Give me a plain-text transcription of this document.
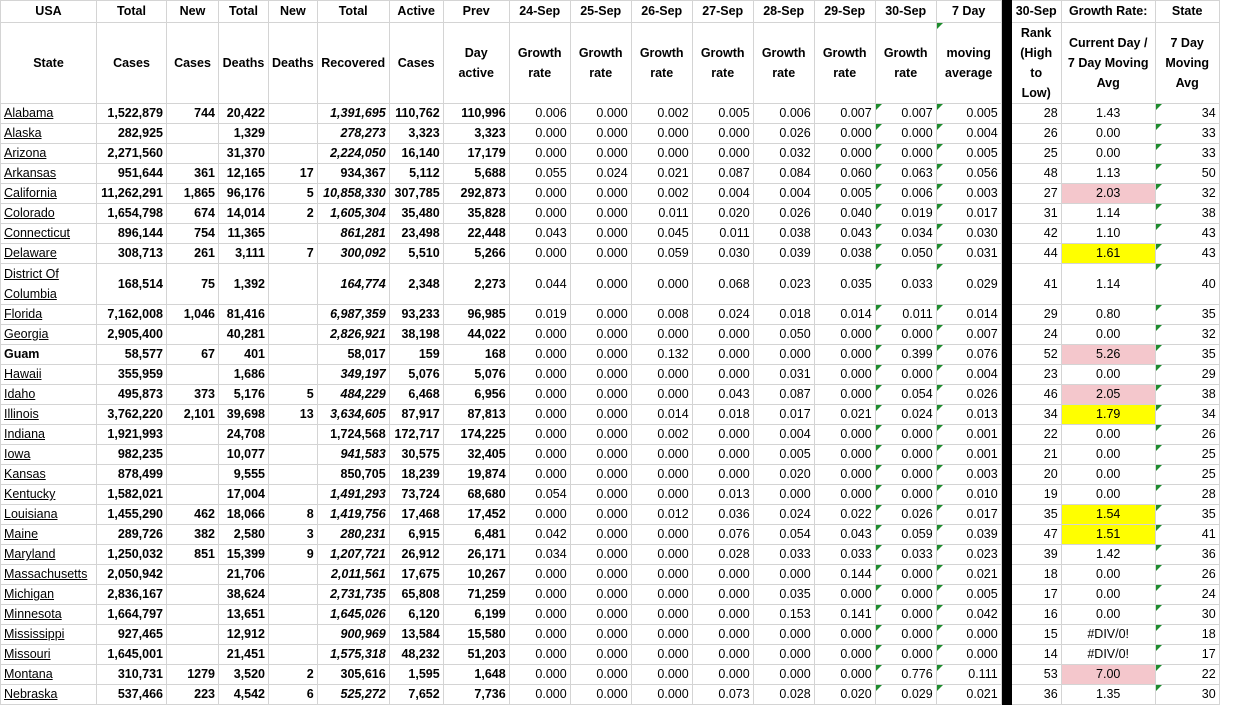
USA	Total	New	Total	New	Total	Active	Prev	24-Sep	25-Sep	26-Sep	27-Sep	28-Sep	29-Sep	30-Sep	7 Day		30-Sep	Growth Rate:	State
State	Cases	Cases	Deaths	Deaths	Recovered	Cases	Day active	Growth rate	Growth rate	Growth rate	Growth rate	Growth rate	Growth rate	Growth rate	moving average		Rank (High to Low)	Current Day / 7 Day Moving Avg	7 Day Moving Avg
Alabama	1,522,879	744	20,422		1,391,695	110,762	110,996	0.006	0.000	0.002	0.005	0.006	0.007	0.007	0.005		28	1.43	34
Alaska	282,925		1,329		278,273	3,323	3,323	0.000	0.000	0.000	0.000	0.026	0.000	0.000	0.004		26	0.00	33
Arizona	2,271,560		31,370		2,224,050	16,140	17,179	0.000	0.000	0.000	0.000	0.032	0.000	0.000	0.005		25	0.00	33
Arkansas	951,644	361	12,165	17	934,367	5,112	5,688	0.055	0.024	0.021	0.087	0.084	0.060	0.063	0.056		48	1.13	50
California	11,262,291	1,865	96,176	5	10,858,330	307,785	292,873	0.000	0.000	0.002	0.004	0.004	0.005	0.006	0.003		27	2.03	32
Colorado	1,654,798	674	14,014	2	1,605,304	35,480	35,828	0.000	0.000	0.011	0.020	0.026	0.040	0.019	0.017		31	1.14	38
Connecticut	896,144	754	11,365		861,281	23,498	22,448	0.043	0.000	0.045	0.011	0.038	0.043	0.034	0.030		42	1.10	43
Delaware	308,713	261	3,111	7	300,092	5,510	5,266	0.000	0.000	0.059	0.030	0.039	0.038	0.050	0.031		44	1.61	43
District Of Columbia	168,514	75	1,392		164,774	2,348	2,273	0.044	0.000	0.000	0.068	0.023	0.035	0.033	0.029		41	1.14	40
Florida	7,162,008	1,046	81,416		6,987,359	93,233	96,985	0.019	0.000	0.008	0.024	0.018	0.014	0.011	0.014		29	0.80	35
Georgia	2,905,400		40,281		2,826,921	38,198	44,022	0.000	0.000	0.000	0.000	0.050	0.000	0.000	0.007		24	0.00	32
Guam	58,577	67	401		58,017	159	168	0.000	0.000	0.132	0.000	0.000	0.000	0.399	0.076		52	5.26	35
Hawaii	355,959		1,686		349,197	5,076	5,076	0.000	0.000	0.000	0.000	0.031	0.000	0.000	0.004		23	0.00	29
Idaho	495,873	373	5,176	5	484,229	6,468	6,956	0.000	0.000	0.000	0.043	0.087	0.000	0.054	0.026		46	2.05	38
Illinois	3,762,220	2,101	39,698	13	3,634,605	87,917	87,813	0.000	0.000	0.014	0.018	0.017	0.021	0.024	0.013		34	1.79	34
Indiana	1,921,993		24,708		1,724,568	172,717	174,225	0.000	0.000	0.002	0.000	0.004	0.000	0.000	0.001		22	0.00	26
Iowa	982,235		10,077		941,583	30,575	32,405	0.000	0.000	0.000	0.000	0.005	0.000	0.000	0.001		21	0.00	25
Kansas	878,499		9,555		850,705	18,239	19,874	0.000	0.000	0.000	0.000	0.020	0.000	0.000	0.003		20	0.00	25
Kentucky	1,582,021		17,004		1,491,293	73,724	68,680	0.054	0.000	0.000	0.013	0.000	0.000	0.000	0.010		19	0.00	28
Louisiana	1,455,290	462	18,066	8	1,419,756	17,468	17,452	0.000	0.000	0.012	0.036	0.024	0.022	0.026	0.017		35	1.54	35
Maine	289,726	382	2,580	3	280,231	6,915	6,481	0.042	0.000	0.000	0.076	0.054	0.043	0.059	0.039		47	1.51	41
Maryland	1,250,032	851	15,399	9	1,207,721	26,912	26,171	0.034	0.000	0.000	0.028	0.033	0.033	0.033	0.023		39	1.42	36
Massachusetts	2,050,942		21,706		2,011,561	17,675	10,267	0.000	0.000	0.000	0.000	0.000	0.144	0.000	0.021		18	0.00	26
Michigan	2,836,167		38,624		2,731,735	65,808	71,259	0.000	0.000	0.000	0.000	0.035	0.000	0.000	0.005		17	0.00	24
Minnesota	1,664,797		13,651		1,645,026	6,120	6,199	0.000	0.000	0.000	0.000	0.153	0.141	0.000	0.042		16	0.00	30
Mississippi	927,465		12,912		900,969	13,584	15,580	0.000	0.000	0.000	0.000	0.000	0.000	0.000	0.000		15	#DIV/0!	18
Missouri	1,645,001		21,451		1,575,318	48,232	51,203	0.000	0.000	0.000	0.000	0.000	0.000	0.000	0.000		14	#DIV/0!	17
Montana	310,731	1279	3,520	2	305,616	1,595	1,648	0.000	0.000	0.000	0.000	0.000	0.000	0.776	0.111		53	7.00	22
Nebraska	537,466	223	4,542	6	525,272	7,652	7,736	0.000	0.000	0.000	0.073	0.028	0.020	0.029	0.021		36	1.35	30
